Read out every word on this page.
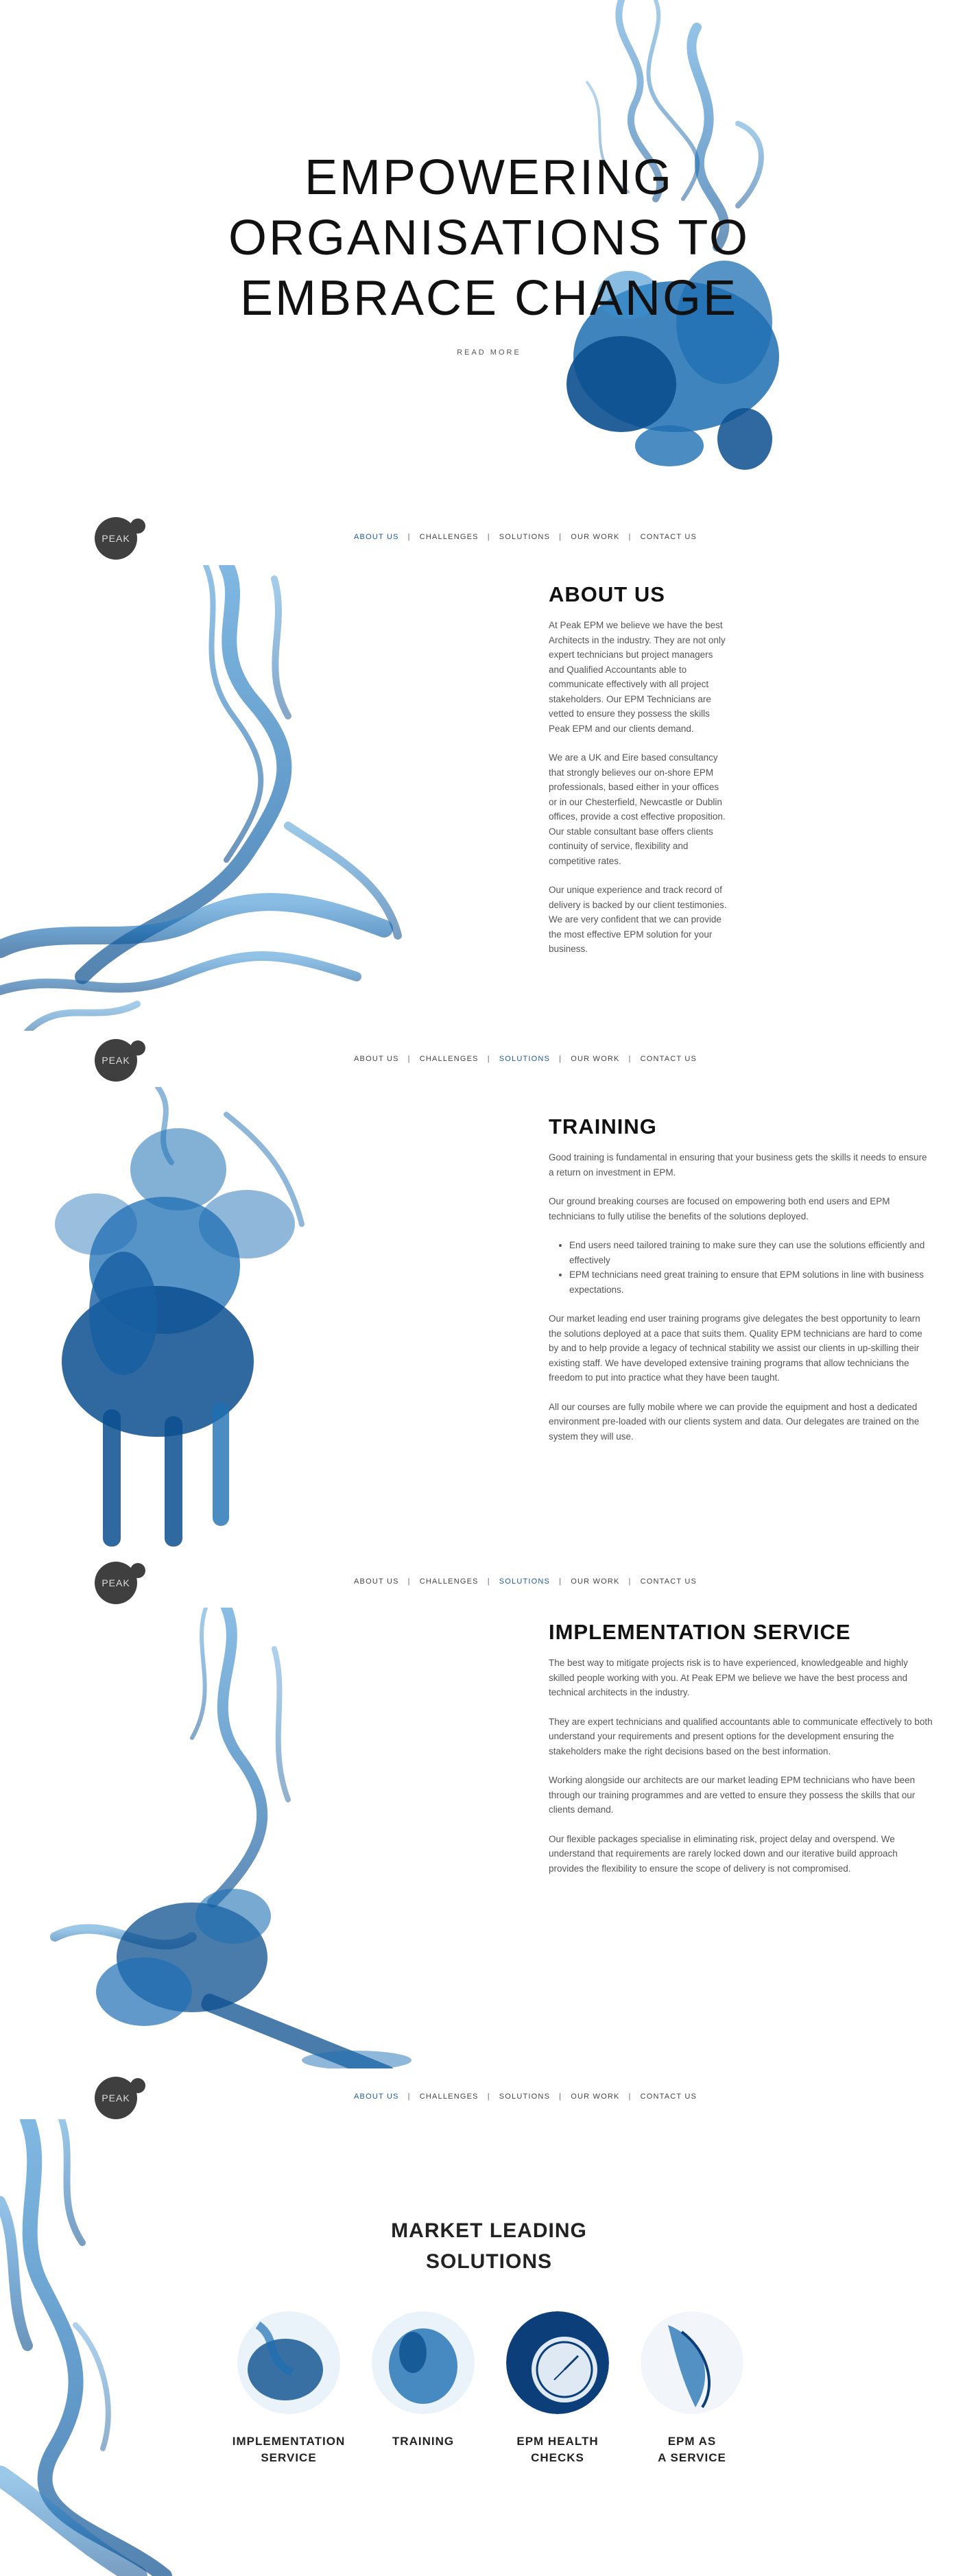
EMPOWERING
ORGANISATIONS TO
EMBRACE CHANGE
READ MORE
PEAK	ABOUT US | CHALLENGES | SOLUTIONS | OUR WORK | CONTACT US
ABOUT US

At Peak EPM we believe we have the best Architects in the industry. They are not only expert technicians but project managers and Qualified Accountants able to communicate effectively with all project stakeholders. Our EPM Technicians are vetted to ensure they possess the skills Peak EPM and our clients demand.

We are a UK and Eire based consultancy that strongly believes our on-shore EPM professionals, based either in your offices or in our Chesterfield, Newcastle or Dublin offices, provide a cost effective proposition. Our stable consultant base offers clients continuity of service, flexibility and competitive rates.

Our unique experience and track record of delivery is backed by our client testimonies. We are very confident that we can provide the most effective EPM solution for your business.

PEAK	ABOUT US | CHALLENGES | SOLUTIONS | OUR WORK | CONTACT US
TRAINING

Good training is fundamental in ensuring that your business gets the skills it needs to ensure a return on investment in EPM.

Our ground breaking courses are focused on empowering both end users and EPM technicians to fully utilise the benefits of the solutions deployed.

• End users need tailored training to make sure they can use the solutions efficiently and effectively
• EPM technicians need great training to ensure that EPM solutions in line with business expectations.

Our market leading end user training programs give delegates the best opportunity to learn the solutions deployed at a pace that suits them. Quality EPM technicians are hard to come by and to help provide a legacy of technical stability we assist our clients in up-skilling their existing staff. We have developed extensive training programs that allow technicians the freedom to put into practice what they have been taught.

All our courses are fully mobile where we can provide the equipment and host a dedicated environment pre-loaded with our clients system and data. Our delegates are trained on the system they will use.

PEAK	ABOUT US | CHALLENGES | SOLUTIONS | OUR WORK | CONTACT US
IMPLEMENTATION SERVICE

The best way to mitigate projects risk is to have experienced, knowledgeable and highly skilled people working with you. At Peak EPM we believe we have the best process and technical architects in the industry.

They are expert technicians and qualified accountants able to communicate effectively to both understand your requirements and present options for the development ensuring the stakeholders make the right decisions based on the best information.

Working alongside our architects are our market leading EPM technicians who have been through our training programmes and are vetted to ensure they possess the skills that our clients demand.

Our flexible packages specialise in eliminating risk, project delay and overspend. We understand that requirements are rarely locked down and our iterative build approach provides the flexibility to ensure the scope of delivery is not compromised.

PEAK	ABOUT US | CHALLENGES | SOLUTIONS | OUR WORK | CONTACT US
MARKET LEADING
SOLUTIONS
IMPLEMENTATION
SERVICE
TRAINING	EPM HEALTH
CHECKS
EPM AS
A SERVICE
